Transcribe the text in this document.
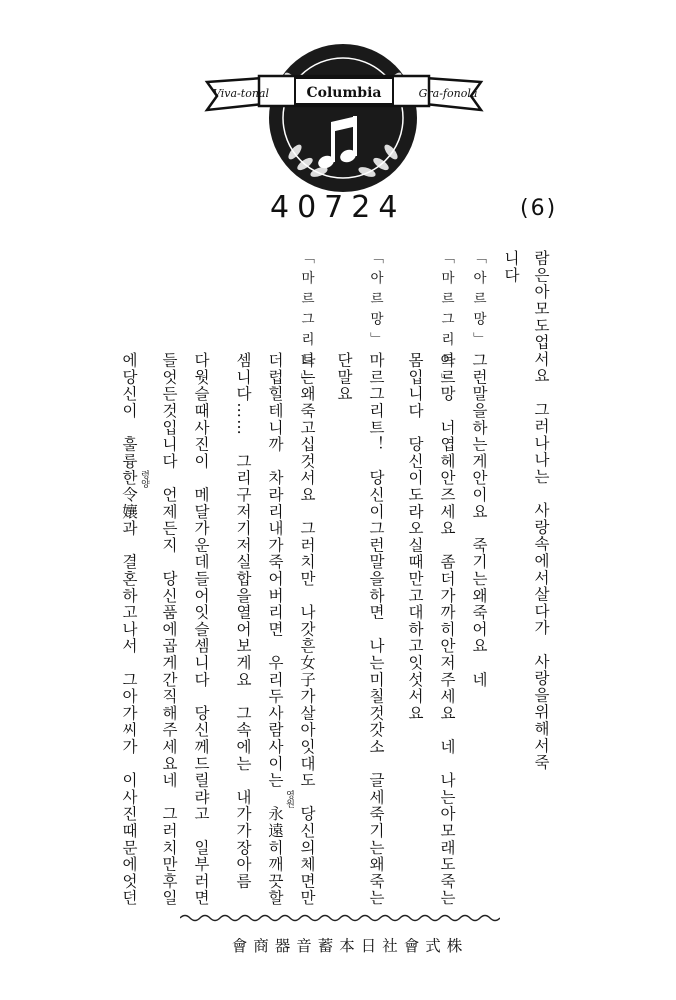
Viva-tonal	Columbia	Gra-fonola
40724	(6)
람은아모도업서요　그러나나는　사랑속에서살다가　사랑을위해서죽
니다
「아르망」
그런말을하는게안이요　죽기는왜죽어요　네
「마르그리트」
아르망　너엽헤안즈세요　좀더가까히안저주세요　네　나는아모래도죽는
몸입니다　당신이도라오실때만고대하고잇섯서요
「아르망」
마르그리트！　당신이그런말을하면　나는미칠것갓소　글세죽기는왜죽는
단말요
「마르그리트」
나는왜죽고십것서요　그러치만　나갓흔女子가살아잇대도　당신의체면만
더럽힐테니까　차라리내가죽어버리면　우리두사람사이는　永遠히깨끗할
셈니다……　그리구저기저실합을열어보게요　그속에는　내가가장아름
다웟슬때사진이　메달가운데들어잇슬셈니다　당신께드릴랴고　일부러면
들엇든것입니다　언제든지　당신품에곱게간직해주세요네　그러치만후일
에당신이　훌륭한令孃과　결혼하고나서　그아가씨가　이사진때문에엇던	영원
령양
株式會社日本蓄音器商會
